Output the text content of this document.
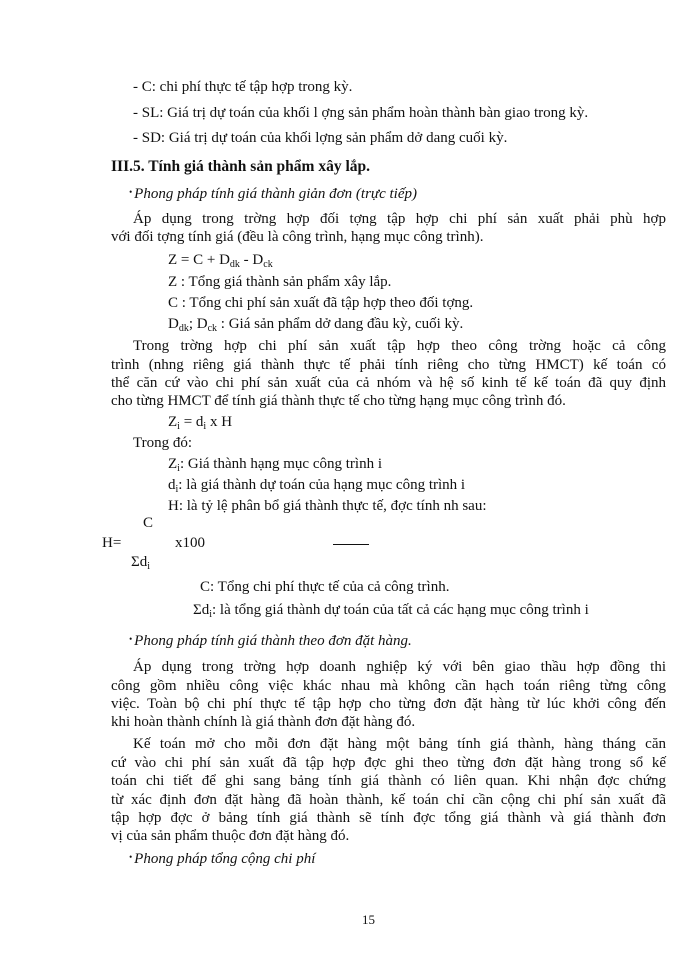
- C: chi phí thực tế tập hợp trong kỳ.
- SL: Giá trị dự toán của khối l ợng sản phẩm hoàn thành bàn giao trong kỳ.
- SD: Giá trị dự toán của khối lợng sản phẩm dở dang cuối kỳ.
III.5. Tính giá thành sản phẩm xây lắp.
• Phong pháp tính giá thành giản đơn (trực tiếp)
Áp dụng trong trờng hợp đối tợng tập hợp chi phí sản xuất phải phù hợp
với đối tợng tính giá (đều là công trình, hạng mục công trình).
$Z = C + D_{dk} - D_{ck}$
Z : Tổng giá thành sản phẩm xây lắp.
C : Tổng chi phí sản xuất đã tập hợp theo đối tợng.
$D_{dk}$; $D_{ck}$ : Giá sản phẩm dở dang đầu kỳ, cuối kỳ.
Trong trờng hợp chi phí sản xuất tập hợp theo công trờng hoặc cả công
trình (nhng riêng giá thành thực tế phải tính riêng cho từng HMCT) kế toán có
thể căn cứ vào chi phí sản xuất của cả nhóm và hệ số kinh tế kế toán đã quy định
cho từng HMCT để tính giá thành thực tế cho từng hạng mục công trình đó.
$Z_i = d_i$ x H
Trong đó:
$Z_i$: Giá thành hạng mục công trình i
$d_i$: là giá thành dự toán của hạng mục công trình i
H: là tỷ lệ phân bổ giá thành thực tế, đợc tính nh sau:
C
H=	x100
$\Sigma d_i$
C: Tổng chi phí thực tế của cả công trình.
$\Sigma d_i$: là tổng giá thành dự toán của tất cả các hạng mục công trình i
• Phong pháp tính giá thành theo đơn đặt hàng.
Áp dụng trong trờng hợp doanh nghiệp ký với bên giao thầu hợp đồng thi
công gồm nhiều công việc khác nhau mà không cần hạch toán riêng từng công
việc. Toàn bộ chi phí thực tế tập hợp cho từng đơn đặt hàng từ lúc khởi công đến
khi hoàn thành chính là giá thành đơn đặt hàng đó.
Kế toán mở cho mỗi đơn đặt hàng một bảng tính giá thành, hàng tháng căn
cứ vào chi phí sản xuất đã tập hợp đợc ghi theo từng đơn đặt hàng trong sổ kế
toán chi tiết để ghi sang bảng tính giá thành có liên quan. Khi nhận đợc chứng
từ xác định đơn đặt hàng đã hoàn thành, kế toán chỉ cần cộng chi phí sản xuất đã
tập hợp đợc ở bảng tính giá thành sẽ tính đợc tổng giá thành và giá thành đơn
vị của sản phẩm thuộc đơn đặt hàng đó.
• Phong pháp tổng cộng chi phí
15
